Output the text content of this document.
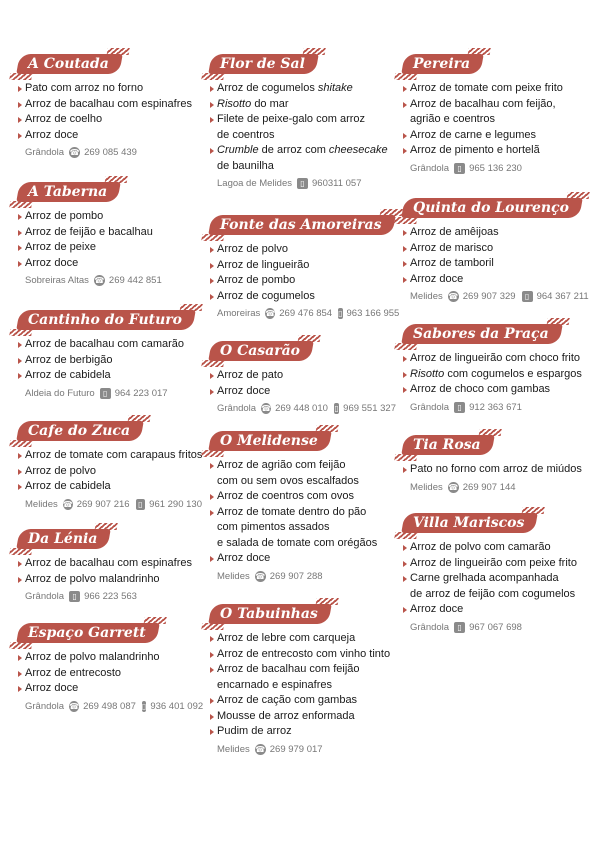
A Coutada
Pato com arroz no forno
Arroz de bacalhau com espinafres
Arroz de coelho
Arroz doce
Grândola ☎ 269 085 439
A Taberna
Arroz de pombo
Arroz de feijão e bacalhau
Arroz de peixe
Arroz doce
Sobreiras Altas ☎ 269 442 851
Cantinho do Futuro
Arroz de bacalhau com camarão
Arroz de berbigão
Arroz de cabidela
Aldeia do Futuro	▯ 964 223 017
Cafe do Zuca
Arroz de tomate com carapaus fritos
Arroz de polvo
Arroz de cabidela
Melides ☎ 269 907 216	▯ 961 290 130
Da Lénia
Arroz de bacalhau com espinafres
Arroz de polvo malandrinho
Grândola	▯ 966 223 563
Espaço Garrett
Arroz de polvo malandrinho
Arroz de entrecosto
Arroz doce
Grândola ☎ 269 498 087 ▯ 936 401 092
Flor de Sal
Arroz de cogumelos shitake
Risotto do mar
Filete de peixe-galo com arroz
de coentros
Crumble de arroz com cheesecake
de baunilha
Lagoa de Melides	▯ 960311 057
Fonte das Amoreiras
Arroz de polvo
Arroz de lingueirão
Arroz de pombo
Arroz de cogumelos
Amoreiras ☎ 269 476 854 ▯ 963 166 955
O Casarão
Arroz de pato
Arroz doce
Grândola ☎ 269 448 010 ▯ 969 551 327
O Melidense
Arroz de agrião com feijão
com ou sem ovos escalfados
Arroz de coentros com ovos
Arroz de tomate dentro do pão
com pimentos assados
e salada de tomate com orégãos
Arroz doce
Melides ☎ 269 907 288
O Tabuinhas
Arroz de lebre com carqueja
Arroz de entrecosto com vinho tinto
Arroz de bacalhau com feijão
encarnado e espinafres
Arroz de cação com gambas
Mousse de arroz enformada
Pudim de arroz
Melides ☎ 269 979 017
Pereira
Arroz de tomate com peixe frito
Arroz de bacalhau com feijão,
agrião e coentros
Arroz de carne e legumes
Arroz de pimento e hortelã
Grândola	▯ 965 136 230
Quinta do Lourenço
Arroz de amêijoas
Arroz de marisco
Arroz de tamboril
Arroz doce
Melides ☎ 269 907 329	▯ 964 367 211
Sabores da Praça
Arroz de lingueirão com choco frito
Risotto com cogumelos e espargos
Arroz de choco com gambas
Grândola	▯ 912 363 671
Tia Rosa
Pato no forno com arroz de miúdos
Melides ☎ 269 907 144
Villa Mariscos
Arroz de polvo com camarão
Arroz de lingueirão com peixe frito
Carne grelhada acompanhada
de arroz de feijão com cogumelos
Arroz doce
Grândola	▯ 967 067 698
